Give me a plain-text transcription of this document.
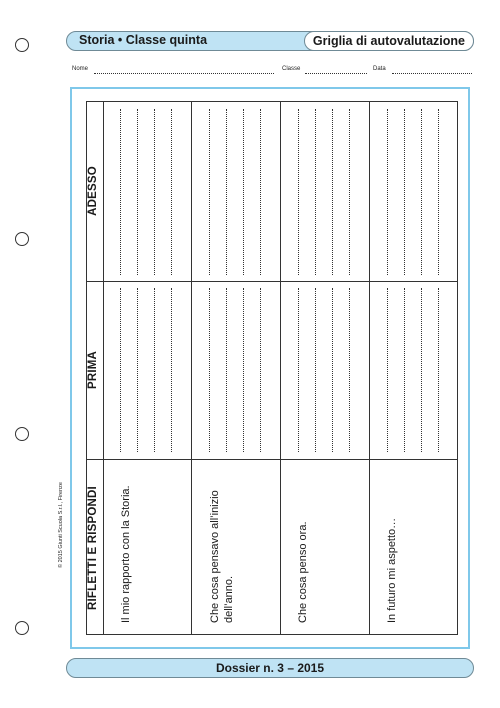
Storia • Classe quinta	Griglia di autovalutazione
Nome	Classe	Data
ADESSO
PRIMA
RIFLETTI E RISPONDI	Il mio rapporto con la Storia.	Che cosa pensavo all’inizio dell’anno.	Che cosa penso ora.	In futuro mi aspetto…
© 2015 Giunti Scuola S.r.l., Firenze
Dossier n. 3 – 2015
